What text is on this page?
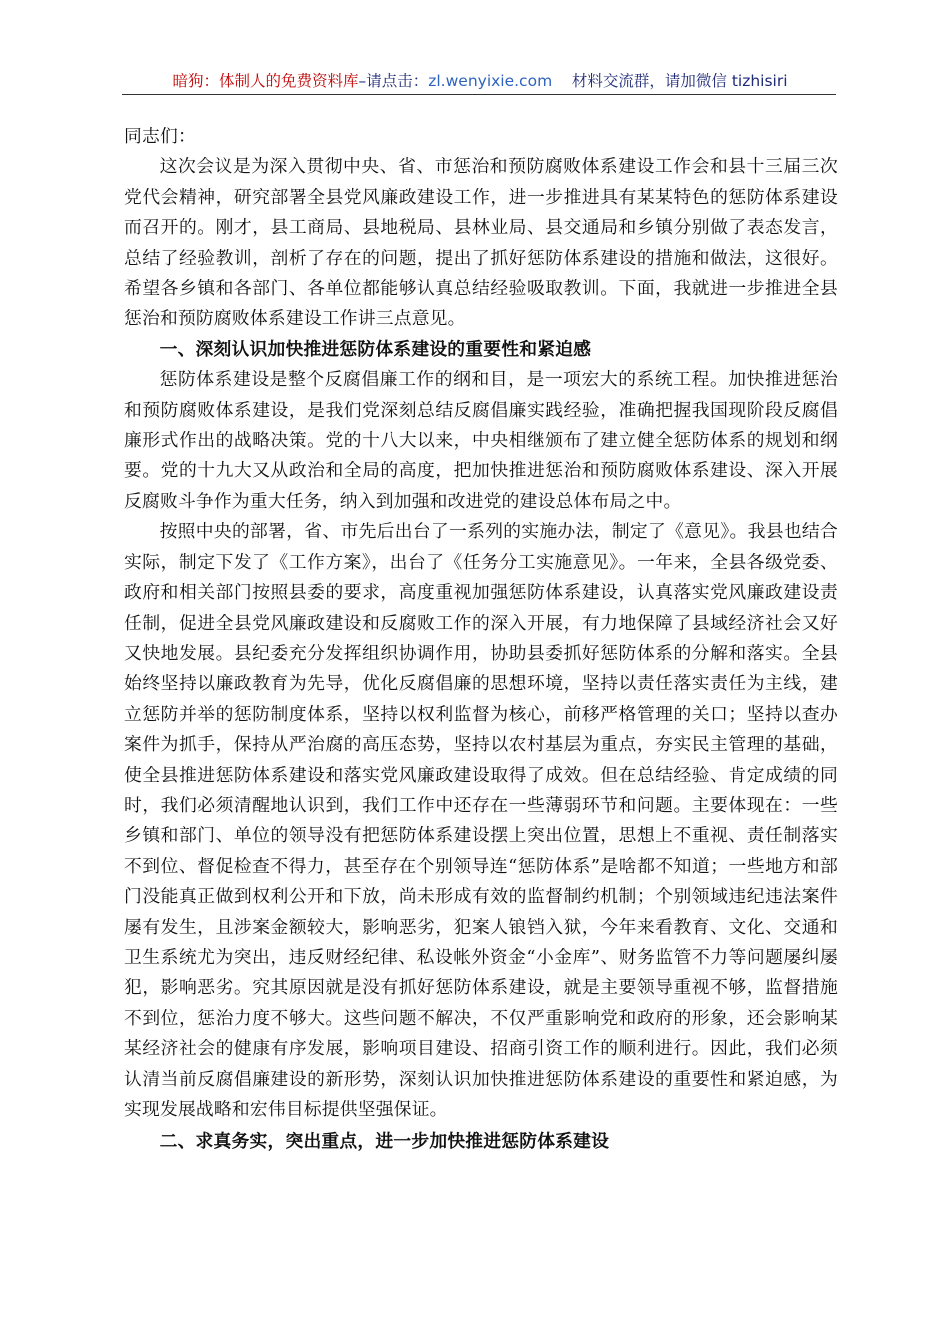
暗狗：体制人的免费资料库–请点击：zl.wenyixie.com 材料交流群，请加微信 tizhisiri

同志们：

这次会议是为深入贯彻中央、省、市惩治和预防腐败体系建设工作会和县十三届三次党代会精神，研究部署全县党风廉政建设工作，进一步推进具有某某特色的惩防体系建设而召开的。刚才，县工商局、县地税局、县林业局、县交通局和乡镇分别做了表态发言，总结了经验教训，剖析了存在的问题，提出了抓好惩防体系建设的措施和做法，这很好。希望各乡镇和各部门、各单位都能够认真总结经验吸取教训。下面，我就进一步推进全县惩治和预防腐败体系建设工作讲三点意见。

一、深刻认识加快推进惩防体系建设的重要性和紧迫感

惩防体系建设是整个反腐倡廉工作的纲和目，是一项宏大的系统工程。加快推进惩治和预防腐败体系建设，是我们党深刻总结反腐倡廉实践经验，准确把握我国现阶段反腐倡廉形式作出的战略决策。党的十八大以来，中央相继颁布了建立健全惩防体系的规划和纲要。党的十九大又从政治和全局的高度，把加快推进惩治和预防腐败体系建设、深入开展反腐败斗争作为重大任务，纳入到加强和改进党的建设总体布局之中。

按照中央的部署，省、市先后出台了一系列的实施办法，制定了《意见》。我县也结合实际，制定下发了《工作方案》，出台了《任务分工实施意见》。一年来，全县各级党委、政府和相关部门按照县委的要求，高度重视加强惩防体系建设，认真落实党风廉政建设责任制，促进全县党风廉政建设和反腐败工作的深入开展，有力地保障了县域经济社会又好又快地发展。县纪委充分发挥组织协调作用，协助县委抓好惩防体系的分解和落实。全县始终坚持以廉政教育为先导，优化反腐倡廉的思想环境，坚持以责任落实责任为主线，建立惩防并举的惩防制度体系，坚持以权利监督为核心，前移严格管理的关口；坚持以查办案件为抓手，保持从严治腐的高压态势，坚持以农村基层为重点，夯实民主管理的基础，使全县推进惩防体系建设和落实党风廉政建设取得了成效。但在总结经验、肯定成绩的同时，我们必须清醒地认识到，我们工作中还存在一些薄弱环节和问题。主要体现在：一些乡镇和部门、单位的领导没有把惩防体系建设摆上突出位置，思想上不重视、责任制落实不到位、督促检查不得力，甚至存在个别领导连“惩防体系”是啥都不知道；一些地方和部门没能真正做到权利公开和下放，尚未形成有效的监督制约机制；个别领域违纪违法案件屡有发生，且涉案金额较大，影响恶劣，犯案人锒铛入狱，今年来看教育、文化、交通和卫生系统尤为突出，违反财经纪律、私设帐外资金“小金库”、财务监管不力等问题屡纠屡犯，影响恶劣。究其原因就是没有抓好惩防体系建设，就是主要领导重视不够，监督措施不到位，惩治力度不够大。这些问题不解决，不仅严重影响党和政府的形象，还会影响某某经济社会的健康有序发展，影响项目建设、招商引资工作的顺利进行。因此，我们必须认清当前反腐倡廉建设的新形势，深刻认识加快推进惩防体系建设的重要性和紧迫感，为实现发展战略和宏伟目标提供坚强保证。

二、求真务实，突出重点，进一步加快推进惩防体系建设
